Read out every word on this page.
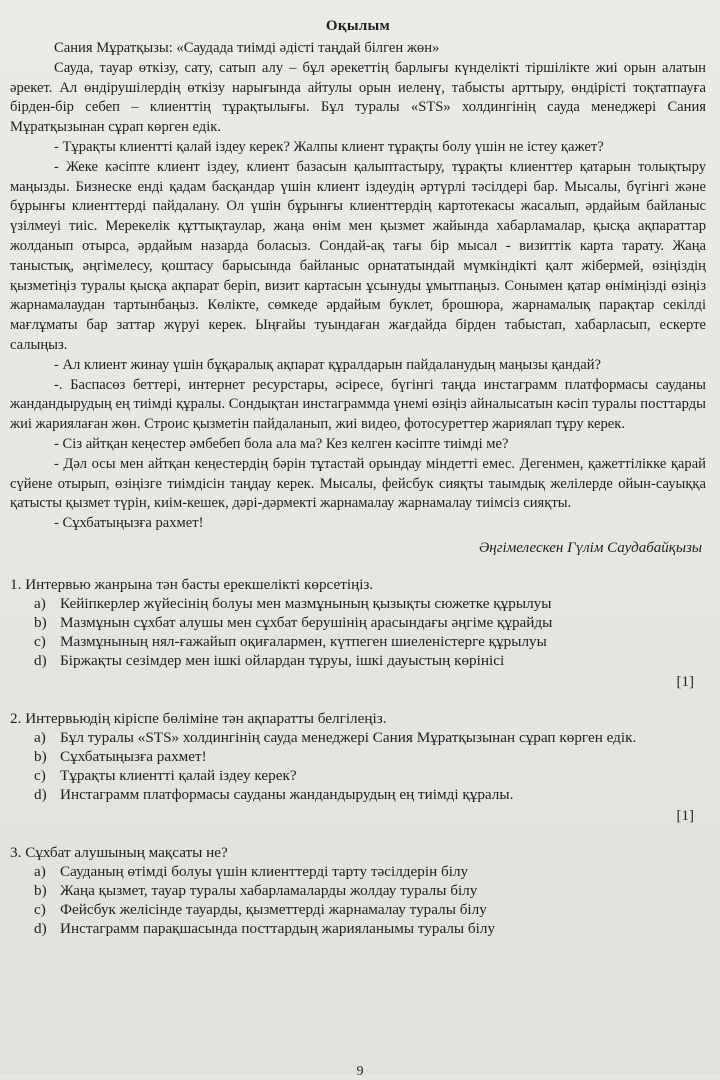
Оқылым

Сания Мұратқызы: «Саудада тиімді әдісті таңдай білген жөн»

Сауда, тауар өткізу, сату, сатып алу – бұл әрекеттің барлығы күнделікті тіршілікте жиі орын алатын әрекет. Ал өндірушілердің өткізу нарығында айтулы орын иеленү, табысты арттыру, өндірісті тоқтатпауға бірден-бір себеп – клиенттің тұрақтылығы. Бұл туралы «STS» холдингінің сауда менеджері Сания Мұратқызынан сұрап көрген едік.

- Тұрақты клиентті қалай іздеу керек? Жалпы клиент тұрақты болу үшін не істеу қажет?

- Жеке кәсіпте клиент іздеу, клиент базасын қалыптастыру, тұрақты клиенттер қатарын толықтыру маңызды. Бизнеске енді қадам басқандар үшін клиент іздеудің әртүрлі тәсілдері бар. Мысалы, бүгінгі және бұрынғы клиенттерді пайдалану. Ол үшін бұрынғы клиенттердің картотекасы жасалып, әрдайым байланыс үзілмеуі тиіс. Мерекелік құттықтаулар, жаңа өнім мен қызмет жайында хабарламалар, қысқа ақпараттар жолданып отырса, әрдайым назарда боласыз. Сондай-ақ тағы бір мысал - визиттік карта тарату. Жаңа таныстық, әңгімелесу, қоштасу барысында байланыс орнататындай мүмкіндікті қалт жібермей, өзіңіздің қызметіңіз туралы қысқа ақпарат беріп, визит картасын ұсынуды ұмытпаңыз. Сонымен қатар өніміңізді өзіңіз жарнамалаудан тартынбаңыз. Көлікте, сөмкеде әрдайым буклет, брошюра, жарнамалық парақтар секілді мағлұматы бар заттар жүруі керек. Ыңғайы туындаған жағдайда бірден табыстап, хабарласып, ескерте салыңыз.

- Ал клиент жинау үшін бұқаралық ақпарат құралдарын пайдаланудың маңызы қандай?

-. Баспасөз беттері, интернет ресурстары, әсіресе, бүгінгі таңда инстаграмм платформасы сауданы жандандырудың ең тиімді құралы. Сондықтан инстаграммда үнемі өзіңіз айналысатын кәсіп туралы посттарды жиі жариялаған жөн. Строис қызметін пайдаланып, жиі видео, фотосуреттер жариялап тұру керек.

- Сіз айтқан кеңестер әмбебеп бола ала ма? Кез келген кәсіпте тиімді ме?

- Дәл осы мен айтқан кеңестердің бәрін тұтастай орындау міндетті емес. Дегенмен, қажеттілікке қарай сүйене отырып, өзіңізге тиімдісін таңдау керек. Мысалы, фейсбук сияқты таымдық желілерде ойын-сауыққа қатысты қызмет түрін, киім-кешек, дәрі-дәрмекті жарнамалау жарнамалау тиімсіз сияқты.

- Сұхбатыңызға рахмет!

Әңгімелескен Гүлім Саудабайқызы

1. Интервью жанрына тән басты ерекшелікті көрсетіңіз.

a) Кейіпкерлер жүйесінің болуы мен мазмұнының қызықты сюжетке құрылуы
b) Мазмұнын сұхбат алушы мен сұхбат берушінің арасындағы әңгіме құрайды
c) Мазмұнының нял-ғажайып оқиғалармен, күтпеген шиеленістерге құрылуы
d) Біржақты сезімдер мен ішкі ойлардан тұруы, ішкі дауыстың көрінісі
[1]

2. Интервьюдің кіріспе бөліміне тән ақпаратты белгілеңіз.

a) Бұл туралы «STS» холдингінің сауда менеджері Сания Мұратқызынан сұрап көрген едік.
b) Сұхбатыңызға рахмет!
c) Тұрақты клиентті қалай іздеу керек?
d) Инстаграмм платформасы сауданы жандандырудың ең тиімді құралы.
[1]

3. Сұхбат алушының мақсаты не?

a) Сауданың өтімді болуы үшін клиенттерді тарту тәсілдерін білу
b) Жаңа қызмет, тауар туралы хабарламаларды жолдау туралы білу
c) Фейсбук желісінде тауарды, қызметтерді жарнамалау туралы білу
d) Инстаграмм парақшасында посттардың жарияланымы туралы білу
9
